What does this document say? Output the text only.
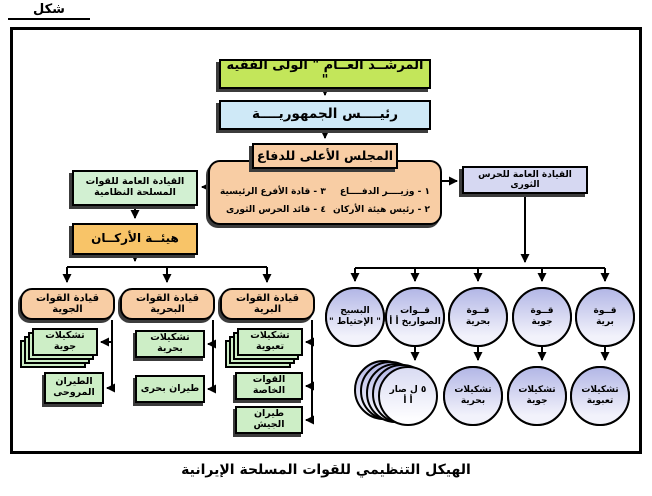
شكل
المرشــد العــام " الولى الفقيه "
رئيــــس الجمهوريــــة
١ - وزيــــر الدفــــاع
٣ - قادة الأفرع الرئيسية
٢ - رئيس هيئة الأركان
٤ - قائد الحرس الثورى
المجلس الأعلى للدفاع
القيادة العامة للقوات
المسلحة النظامية
هيئــة الأركــان
القيادة العامة للحرس الثورى
قيادة القوات الجوية
قيادة القوات البحرية
قيادة القوات البرية
تشكيلات جوية
الطيران
المروحى
تشكيلات بحرية
طيران بحرى
تشكيلات تعبوية
القوات الخاصة
طيران الجيش
البسيج
" الإحتياط "
قــوات
الصواريخ أ أ
قــوة
بحرية
قــوة
جوية
قــوة
برية
٥ ل صار
أ أ
تشكيلات
بحرية
تشكيلات
جوية
تشكيلات
تعبوية
الهيكل التنظيمي للقوات المسلحة الإيرانية
